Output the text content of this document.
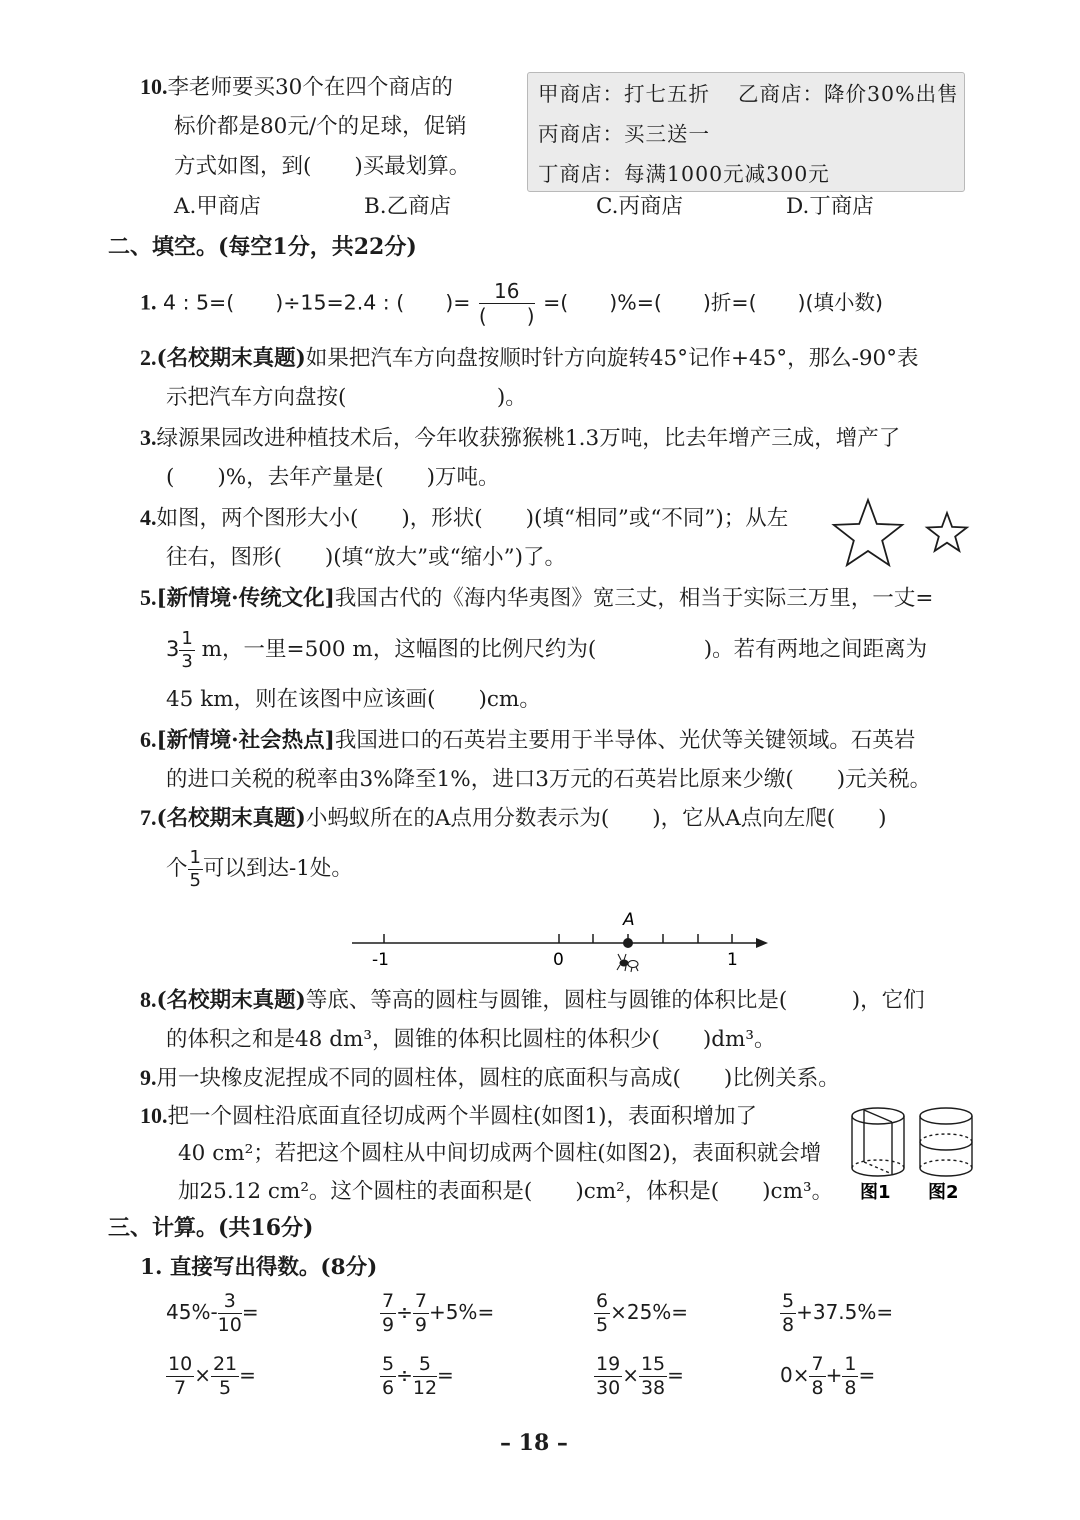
10.李老师要买30个在四个商店的
标价都是80元/个的足球，促销
方式如图，到(　　)买最划算。
甲商店：打七五折 乙商店：降价30%出售
丙商店：买三送一
丁商店：每满1000元减300元
A.甲商店	B.乙商店	C.丙商店	D.丁商店
二、填空。(每空1分，共22分)
1. 4 : 5=(　　)÷15=2.4 : (　　)= $\frac{16}{( )}$ =(　　)%=(　　)折=(　　)(填小数)
2.(名校期末真题)如果把汽车方向盘按顺时针方向旋转45°记作+45°，那么-90°表
示把汽车方向盘按(　　　　　　　)。
3.绿源果园改进种植技术后，今年收获猕猴桃1.3万吨，比去年增产三成，增产了
(　　)%，去年产量是(　　)万吨。
4.如图，两个图形大小(　　)，形状(　　)(填“相同”或“不同”)；从左
往右，图形(　　)(填“放大”或“缩小”)了。
5.[新情境·传统文化]我国古代的《海内华夷图》宽三丈，相当于实际三万里，一丈=
$3 \frac{1}{3}$ m，一里=500 m，这幅图的比例尺约为(　　　　　)。若有两地之间距离为
45 km，则在该图中应该画(　　)cm。
6.[新情境·社会热点]我国进口的石英岩主要用于半导体、光伏等关键领域。石英岩
的进口关税的税率由3%降至1%，进口3万元的石英岩比原来少缴(　　)元关税。
7.(名校期末真题)小蚂蚁所在的A点用分数表示为(　　)，它从A点向左爬(　　)
个 $\frac{1}{5}$ 可以到达-1处。
A
-1	0	1
8.(名校期末真题)等底、等高的圆柱与圆锥，圆柱与圆锥的体积比是(　　　)，它们
的体积之和是48 dm³，圆锥的体积比圆柱的体积少(　　)dm³。
9.用一块橡皮泥捏成不同的圆柱体，圆柱的底面积与高成(　　)比例关系。
10.把一个圆柱沿底面直径切成两个半圆柱(如图1)，表面积增加了
40 cm²；若把这个圆柱从中间切成两个圆柱(如图2)，表面积就会增
加25.12 cm²。这个圆柱的表面积是(　　)cm²，体积是(　　)cm³。 图1 图2
三、计算。(共16分)
1. 直接写出得数。(8分)
$45\%- \frac{3}{10}$ =	$\frac{7}{9} \div \frac{7}{9} +5\%=$	$\frac{6}{5} \times 25\%=$	$\frac{5}{8} +37.5\%=$
$\frac{10}{7} \times \frac{21}{5}$ =	$\frac{5}{6} \div \frac{5}{12}$ =	$\frac{19}{30} \times \frac{15}{38}$ =	$0\times \frac{7}{8} + \frac{1}{8}$ =
– 18 –
